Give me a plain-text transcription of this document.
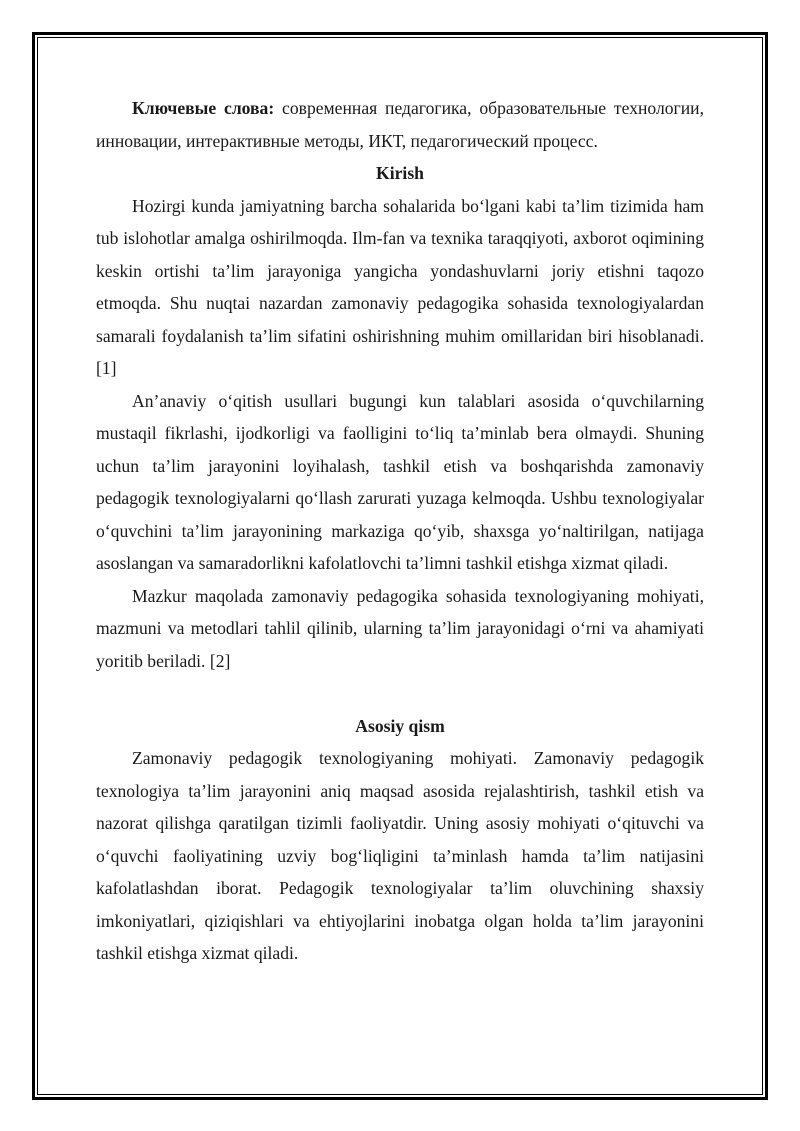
Ключевые слова: современная педагогика, образовательные технологии, инновации, интерактивные методы, ИКТ, педагогический процесс.

Kirish

Hozirgi kunda jamiyatning barcha sohalarida boʻlgani kabi taʼlim tizimida ham tub islohotlar amalga oshirilmoqda. Ilm-fan va texnika taraqqiyoti, axborot oqimining keskin ortishi taʼlim jarayoniga yangicha yondashuvlarni joriy etishni taqozo etmoqda. Shu nuqtai nazardan zamonaviy pedagogika sohasida texnologiyalardan samarali foydalanish taʼlim sifatini oshirishning muhim omillaridan biri hisoblanadi.[1]

Anʼanaviy oʻqitish usullari bugungi kun talablari asosida oʻquvchilarning mustaqil fikrlashi, ijodkorligi va faolligini toʻliq taʼminlab bera olmaydi. Shuning uchun taʼlim jarayonini loyihalash, tashkil etish va boshqarishda zamonaviy pedagogik texnologiyalarni qoʻllash zarurati yuzaga kelmoqda. Ushbu texnologiyalar oʻquvchini taʼlim jarayonining markaziga qoʻyib, shaxsga yoʻnaltirilgan, natijaga asoslangan va samaradorlikni kafolatlovchi taʼlimni tashkil etishga xizmat qiladi.

Mazkur maqolada zamonaviy pedagogika sohasida texnologiyaning mohiyati, mazmuni va metodlari tahlil qilinib, ularning taʼlim jarayonidagi oʻrni va ahamiyati yoritib beriladi. [2]

Asosiy qism

Zamonaviy pedagogik texnologiyaning mohiyati. Zamonaviy pedagogik texnologiya taʼlim jarayonini aniq maqsad asosida rejalashtirish, tashkil etish va nazorat qilishga qaratilgan tizimli faoliyatdir. Uning asosiy mohiyati oʻqituvchi va oʻquvchi faoliyatining uzviy bogʻliqligini taʼminlash hamda taʼlim natijasini kafolatlashdan iborat. Pedagogik texnologiyalar taʼlim oluvchining shaxsiy imkoniyatlari, qiziqishlari va ehtiyojlarini inobatga olgan holda taʼlim jarayonini tashkil etishga xizmat qiladi.
